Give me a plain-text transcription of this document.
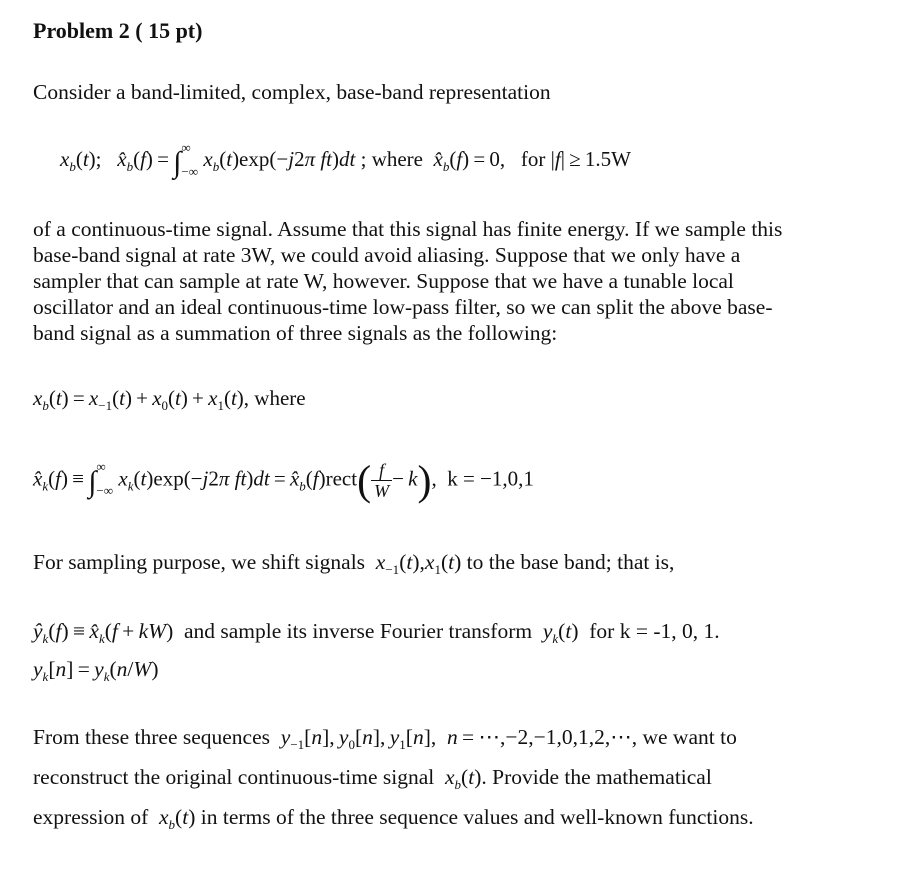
Problem 2 ( 15 pt)
Consider a band-limited, complex, base-band representation
$x_b(t)$;   $x̂_b(f)$ = ∫ ∞
−∞
$x_b(t)\exp(-j2\pi$ ft)dt ; where $x̂_b(f) = 0$,   for |f| ≥ 1.5W
of a continuous-time signal. Assume that this signal has finite energy. If we sample this
base-band signal at rate 3W, we could avoid aliasing. Suppose that we only have a
sampler that can sample at rate W, however. Suppose that we have a tunable local
oscillator and an ideal continuous-time low-pass filter, so we can split the above base-
band signal as a summation of three signals as the following:
$x_b(t) = x_{-1}(t) + x_0(t) + x_1(t)$, where
$x̂_k(f)$ ≡ ∫ ∞
−∞
$x_k(t)\exp(-j2\pi$ $ft)dt = x̂_b(f)rect( \frac{f}{W} - k)$,  k = −1,0,1
For sampling purpose, we shift signals $x_{-1}(t),x_1(t)$ to the base band; that is,
$ŷ_k(f)$ ≡ $x̂_k(f + kW)$  and sample its inverse Fourier transform $y_k(t)$  for k = -1, 0, 1.
$y_k[n] = y_k(n/W)$
From these three sequences $y_{-1}[n]$, $y_0[n]$, $y_1[n]$,  n = ⋯,−2,−1,0,1,2,⋯, we want to
reconstruct the original continuous-time signal $x_b(t)$. Provide the mathematical
expression of $x_b(t)$ in terms of the three sequence values and well-known functions.
